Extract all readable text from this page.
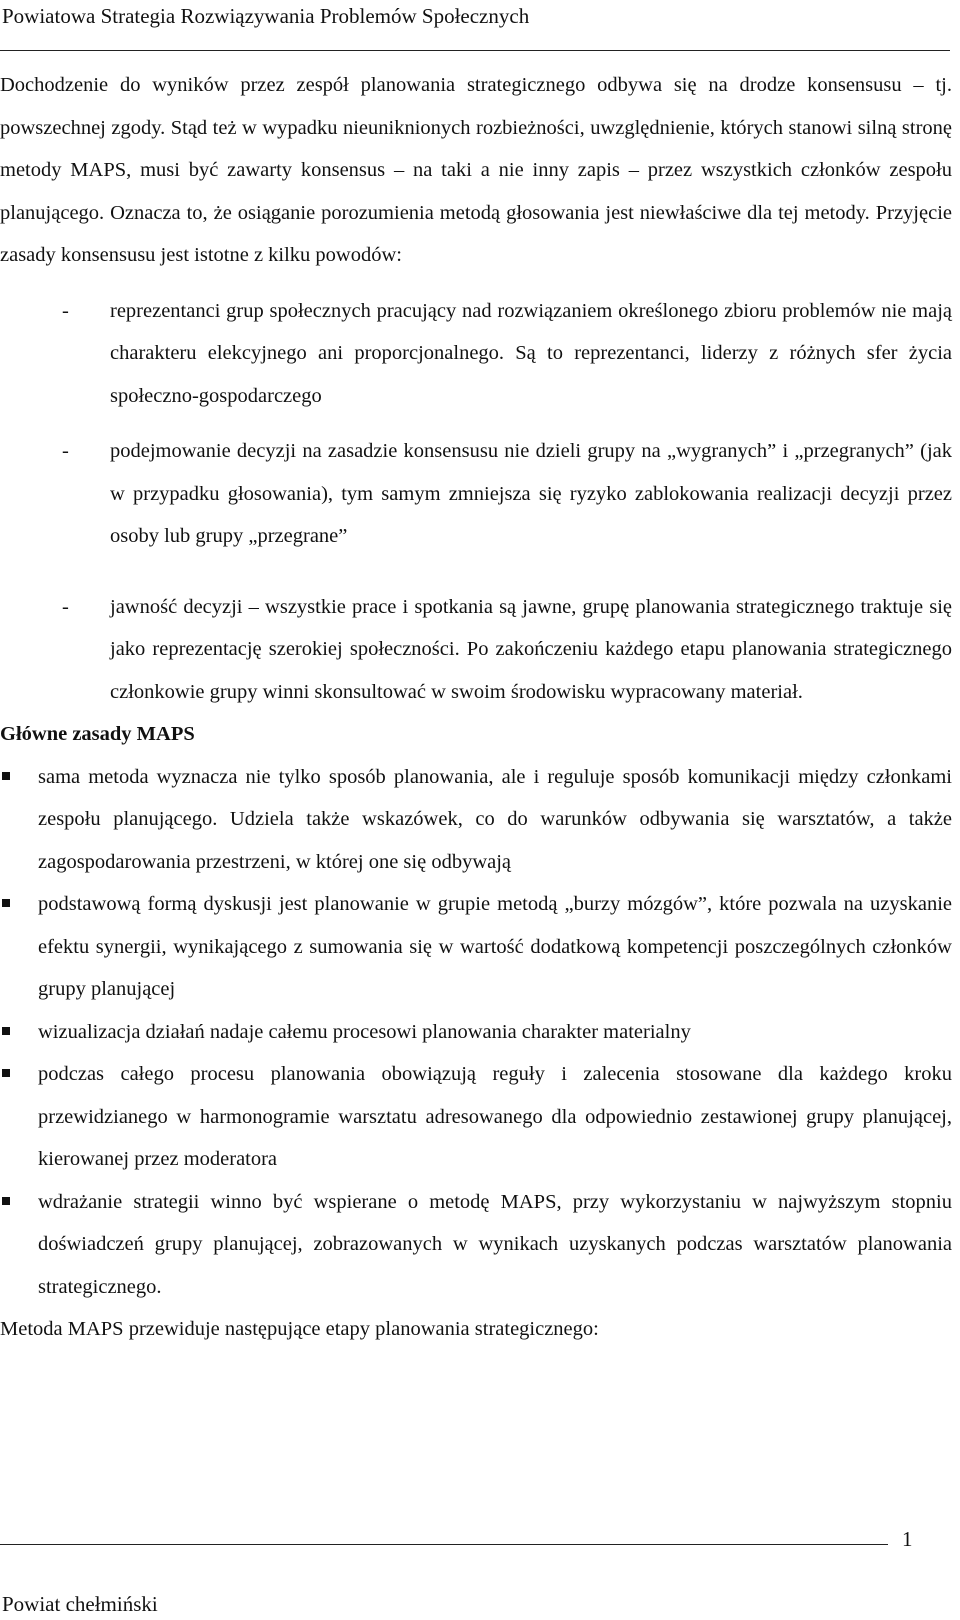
Powiatowa Strategia Rozwiązywania Problemów Społecznych

Dochodzenie do wyników przez zespół planowania strategicznego odbywa się na drodze konsensusu – tj. powszechnej zgody. Stąd też w wypadku nieuniknionych rozbieżności, uwzględnienie, których stanowi silną stronę metody MAPS, musi być zawarty konsensus – na taki a nie inny zapis – przez wszystkich członków zespołu planującego. Oznacza to, że osiąganie porozumienia metodą głosowania jest niewłaściwe dla tej metody. Przyjęcie zasady konsensusu jest istotne z kilku powodów:

- reprezentanci grup społecznych pracujący nad rozwiązaniem określonego zbioru problemów nie mają charakteru elekcyjnego ani proporcjonalnego. Są to reprezentanci, liderzy z różnych sfer życia społeczno-gospodarczego
- podejmowanie decyzji na zasadzie konsensusu nie dzieli grupy na „wygranych” i „przegranych” (jak w przypadku głosowania), tym samym zmniejsza się ryzyko zablokowania realizacji decyzji przez osoby lub grupy „przegrane”
- jawność decyzji – wszystkie prace i spotkania są jawne, grupę planowania strategicznego traktuje się jako reprezentację szerokiej społeczności. Po zakończeniu każdego etapu planowania strategicznego członkowie grupy winni skonsultować w swoim środowisku wypracowany materiał.

Główne zasady MAPS

sama metoda wyznacza nie tylko sposób planowania, ale i reguluje sposób komunikacji między członkami zespołu planującego. Udziela także wskazówek, co do warunków odbywania się warsztatów, a także zagospodarowania przestrzeni, w której one się odbywają
podstawową formą dyskusji jest planowanie w grupie metodą „burzy mózgów”, które pozwala na uzyskanie efektu synergii, wynikającego z sumowania się w wartość dodatkową kompetencji poszczególnych członków grupy planującej
wizualizacja działań nadaje całemu procesowi planowania charakter materialny
podczas całego procesu planowania obowiązują reguły i zalecenia stosowane dla każdego kroku przewidzianego w harmonogramie warsztatu adresowanego dla odpowiednio zestawionej grupy planującej, kierowanej przez moderatora
wdrażanie strategii winno być wspierane o metodę MAPS, przy wykorzystaniu w najwyższym stopniu doświadczeń grupy planującej, zobrazowanych w wynikach uzyskanych podczas warsztatów planowania strategicznego.

Metoda MAPS przewiduje następujące etapy planowania strategicznego:

1
Powiat chełmiński
